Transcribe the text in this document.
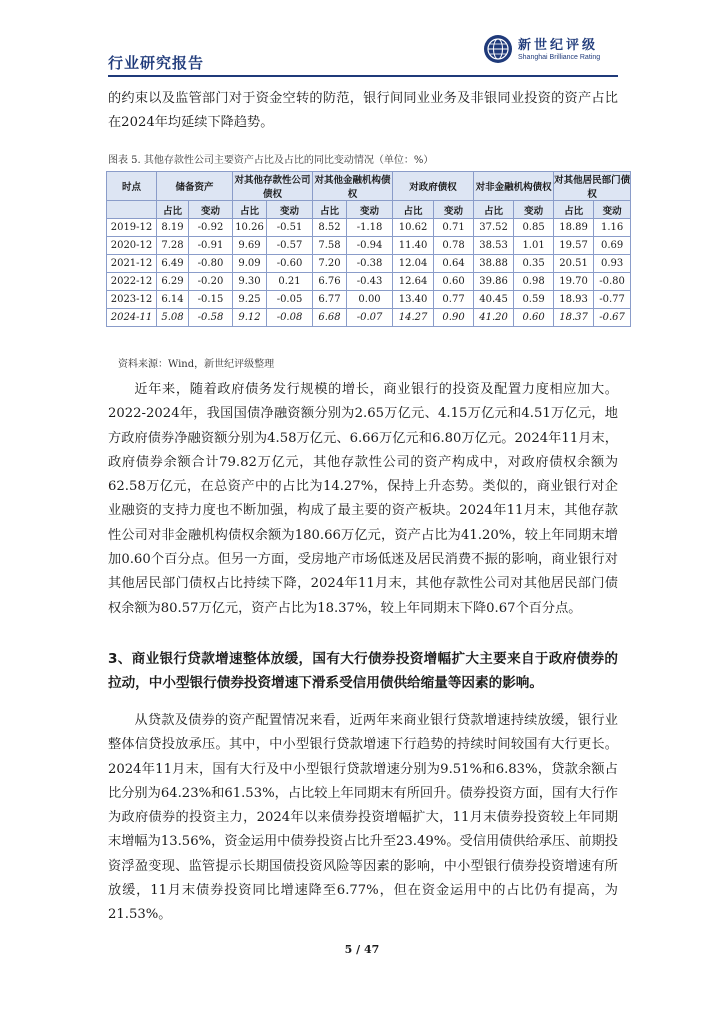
行业研究报告
新世纪评级
Shanghai Brilliance Rating

的约束以及监管部门对于资金空转的防范，银行间同业业务及非银同业投资的资产占比在2024年均延续下降趋势。

图表 5. 其他存款性公司主要资产占比及占比的同比变动情况（单位：%）
时点	储备资产		对其他存款性公司债权		对其他金融机构债权		对政府债权		对非金融机构债权		对其他居民部门债权	

	占比	变动	占比	变动	占比	变动	占比	变动	占比	变动	占比	变动
2019-12	8.19	-0.92	10.26	-0.51	8.52	-1.18	10.62	0.71	37.52	0.85	18.89	1.16
2020-12	7.28	-0.91	9.69	-0.57	7.58	-0.94	11.40	0.78	38.53	1.01	19.57	0.69
2021-12	6.49	-0.80	9.09	-0.60	7.20	-0.38	12.04	0.64	38.88	0.35	20.51	0.93
2022-12	6.29	-0.20	9.30	0.21	6.76	-0.43	12.64	0.60	39.86	0.98	19.70	-0.80
2023-12	6.14	-0.15	9.25	-0.05	6.77	0.00	13.40	0.77	40.45	0.59	18.93	-0.77
2024-11	5.08	-0.58	9.12	-0.08	6.68	-0.07	14.27	0.90	41.20	0.60	18.37	-0.67
资料来源：Wind，新世纪评级整理

近年来，随着政府债务发行规模的增长，商业银行的投资及配置力度相应加大。2022-2024年，我国国债净融资额分别为2.65万亿元、4.15万亿元和4.51万亿元，地方政府债券净融资额分别为4.58万亿元、6.66万亿元和6.80万亿元。2024年11月末，政府债券余额合计79.82万亿元，其他存款性公司的资产构成中，对政府债权余额为62.58万亿元，在总资产中的占比为14.27%，保持上升态势。类似的，商业银行对企业融资的支持力度也不断加强，构成了最主要的资产板块。2024年11月末，其他存款性公司对非金融机构债权余额为180.66万亿元，资产占比为41.20%，较上年同期末增加0.60个百分点。但另一方面，受房地产市场低迷及居民消费不振的影响，商业银行对其他居民部门债权占比持续下降，2024年11月末，其他存款性公司对其他居民部门债权余额为80.57万亿元，资产占比为18.37%，较上年同期末下降0.67个百分点。

3、商业银行贷款增速整体放缓，国有大行债券投资增幅扩大主要来自于政府债券的拉动，中小型银行债券投资增速下滑系受信用债供给缩量等因素的影响。

从贷款及债券的资产配置情况来看，近两年来商业银行贷款增速持续放缓，银行业整体信贷投放承压。其中，中小型银行贷款增速下行趋势的持续时间较国有大行更长。2024年11月末，国有大行及中小型银行贷款增速分别为9.51%和6.83%，贷款余额占比分别为64.23%和61.53%，占比较上年同期末有所回升。债券投资方面，国有大行作为政府债券的投资主力，2024年以来债券投资增幅扩大，11月末债券投资较上年同期末增幅为13.56%，资金运用中债券投资占比升至23.49%。受信用债供给承压、前期投资浮盈变现、监管提示长期国债投资风险等因素的影响，中小型银行债券投资增速有所放缓，11月末债券投资同比增速降至6.77%，但在资金运用中的占比仍有提高，为21.53%。

5 / 47
